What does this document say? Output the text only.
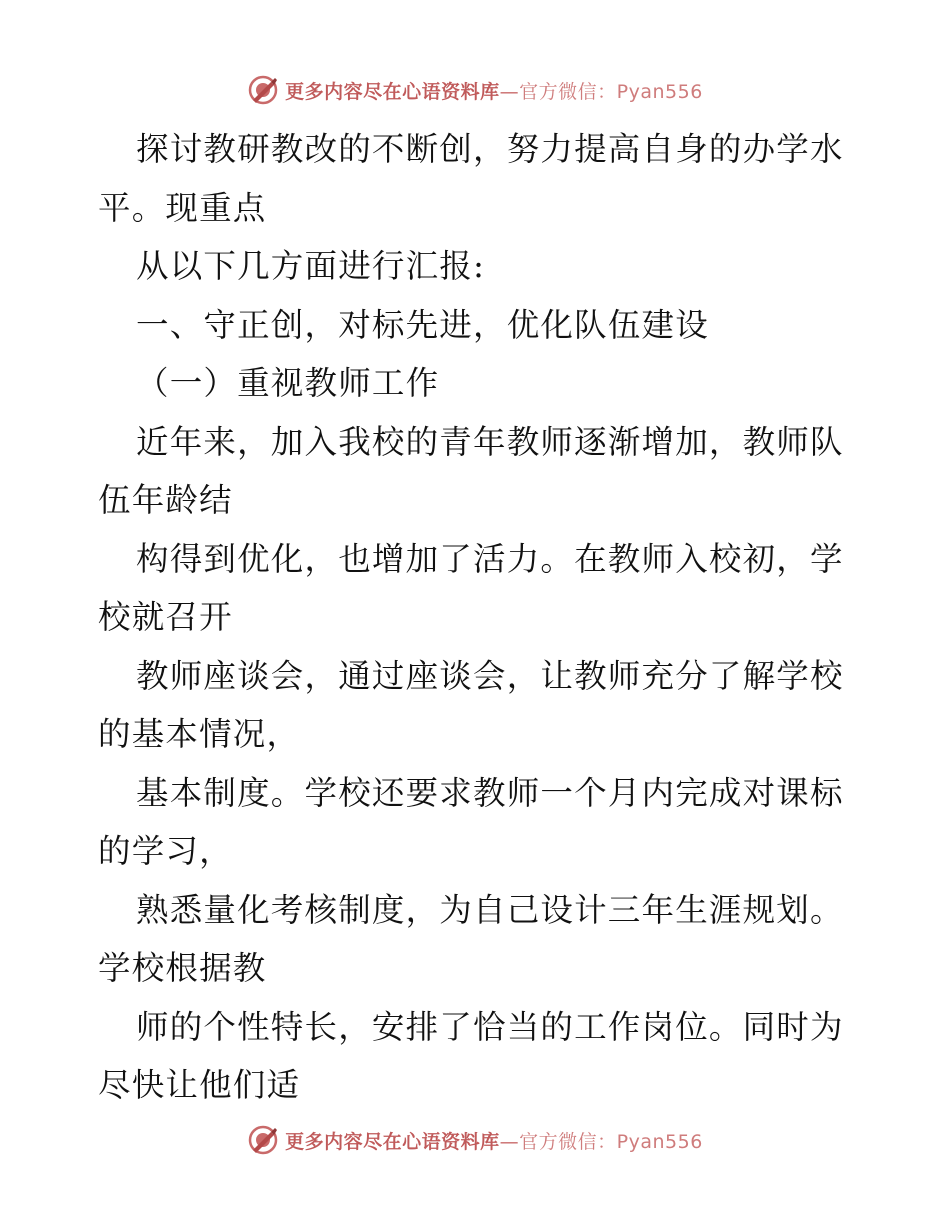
更多内容尽在心语资料库—官方微信：Pyan556
探讨教研教改的不断创，努力提高自身的办学水
平。现重点
从以下几方面进行汇报:
一、守正创，对标先进，优化队伍建设
（一）重视教师工作
近年来，加入我校的青年教师逐渐增加，教师队
伍年龄结
构得到优化，也增加了活力。在教师入校初，学
校就召开
教师座谈会，通过座谈会，让教师充分了解学校
的基本情况，
基本制度。学校还要求教师一个月内完成对课标
的学习，
熟悉量化考核制度，为自己设计三年生涯规划。
学校根据教
师的个性特长，安排了恰当的工作岗位。同时为
尽快让他们适
更多内容尽在心语资料库—官方微信：Pyan556
